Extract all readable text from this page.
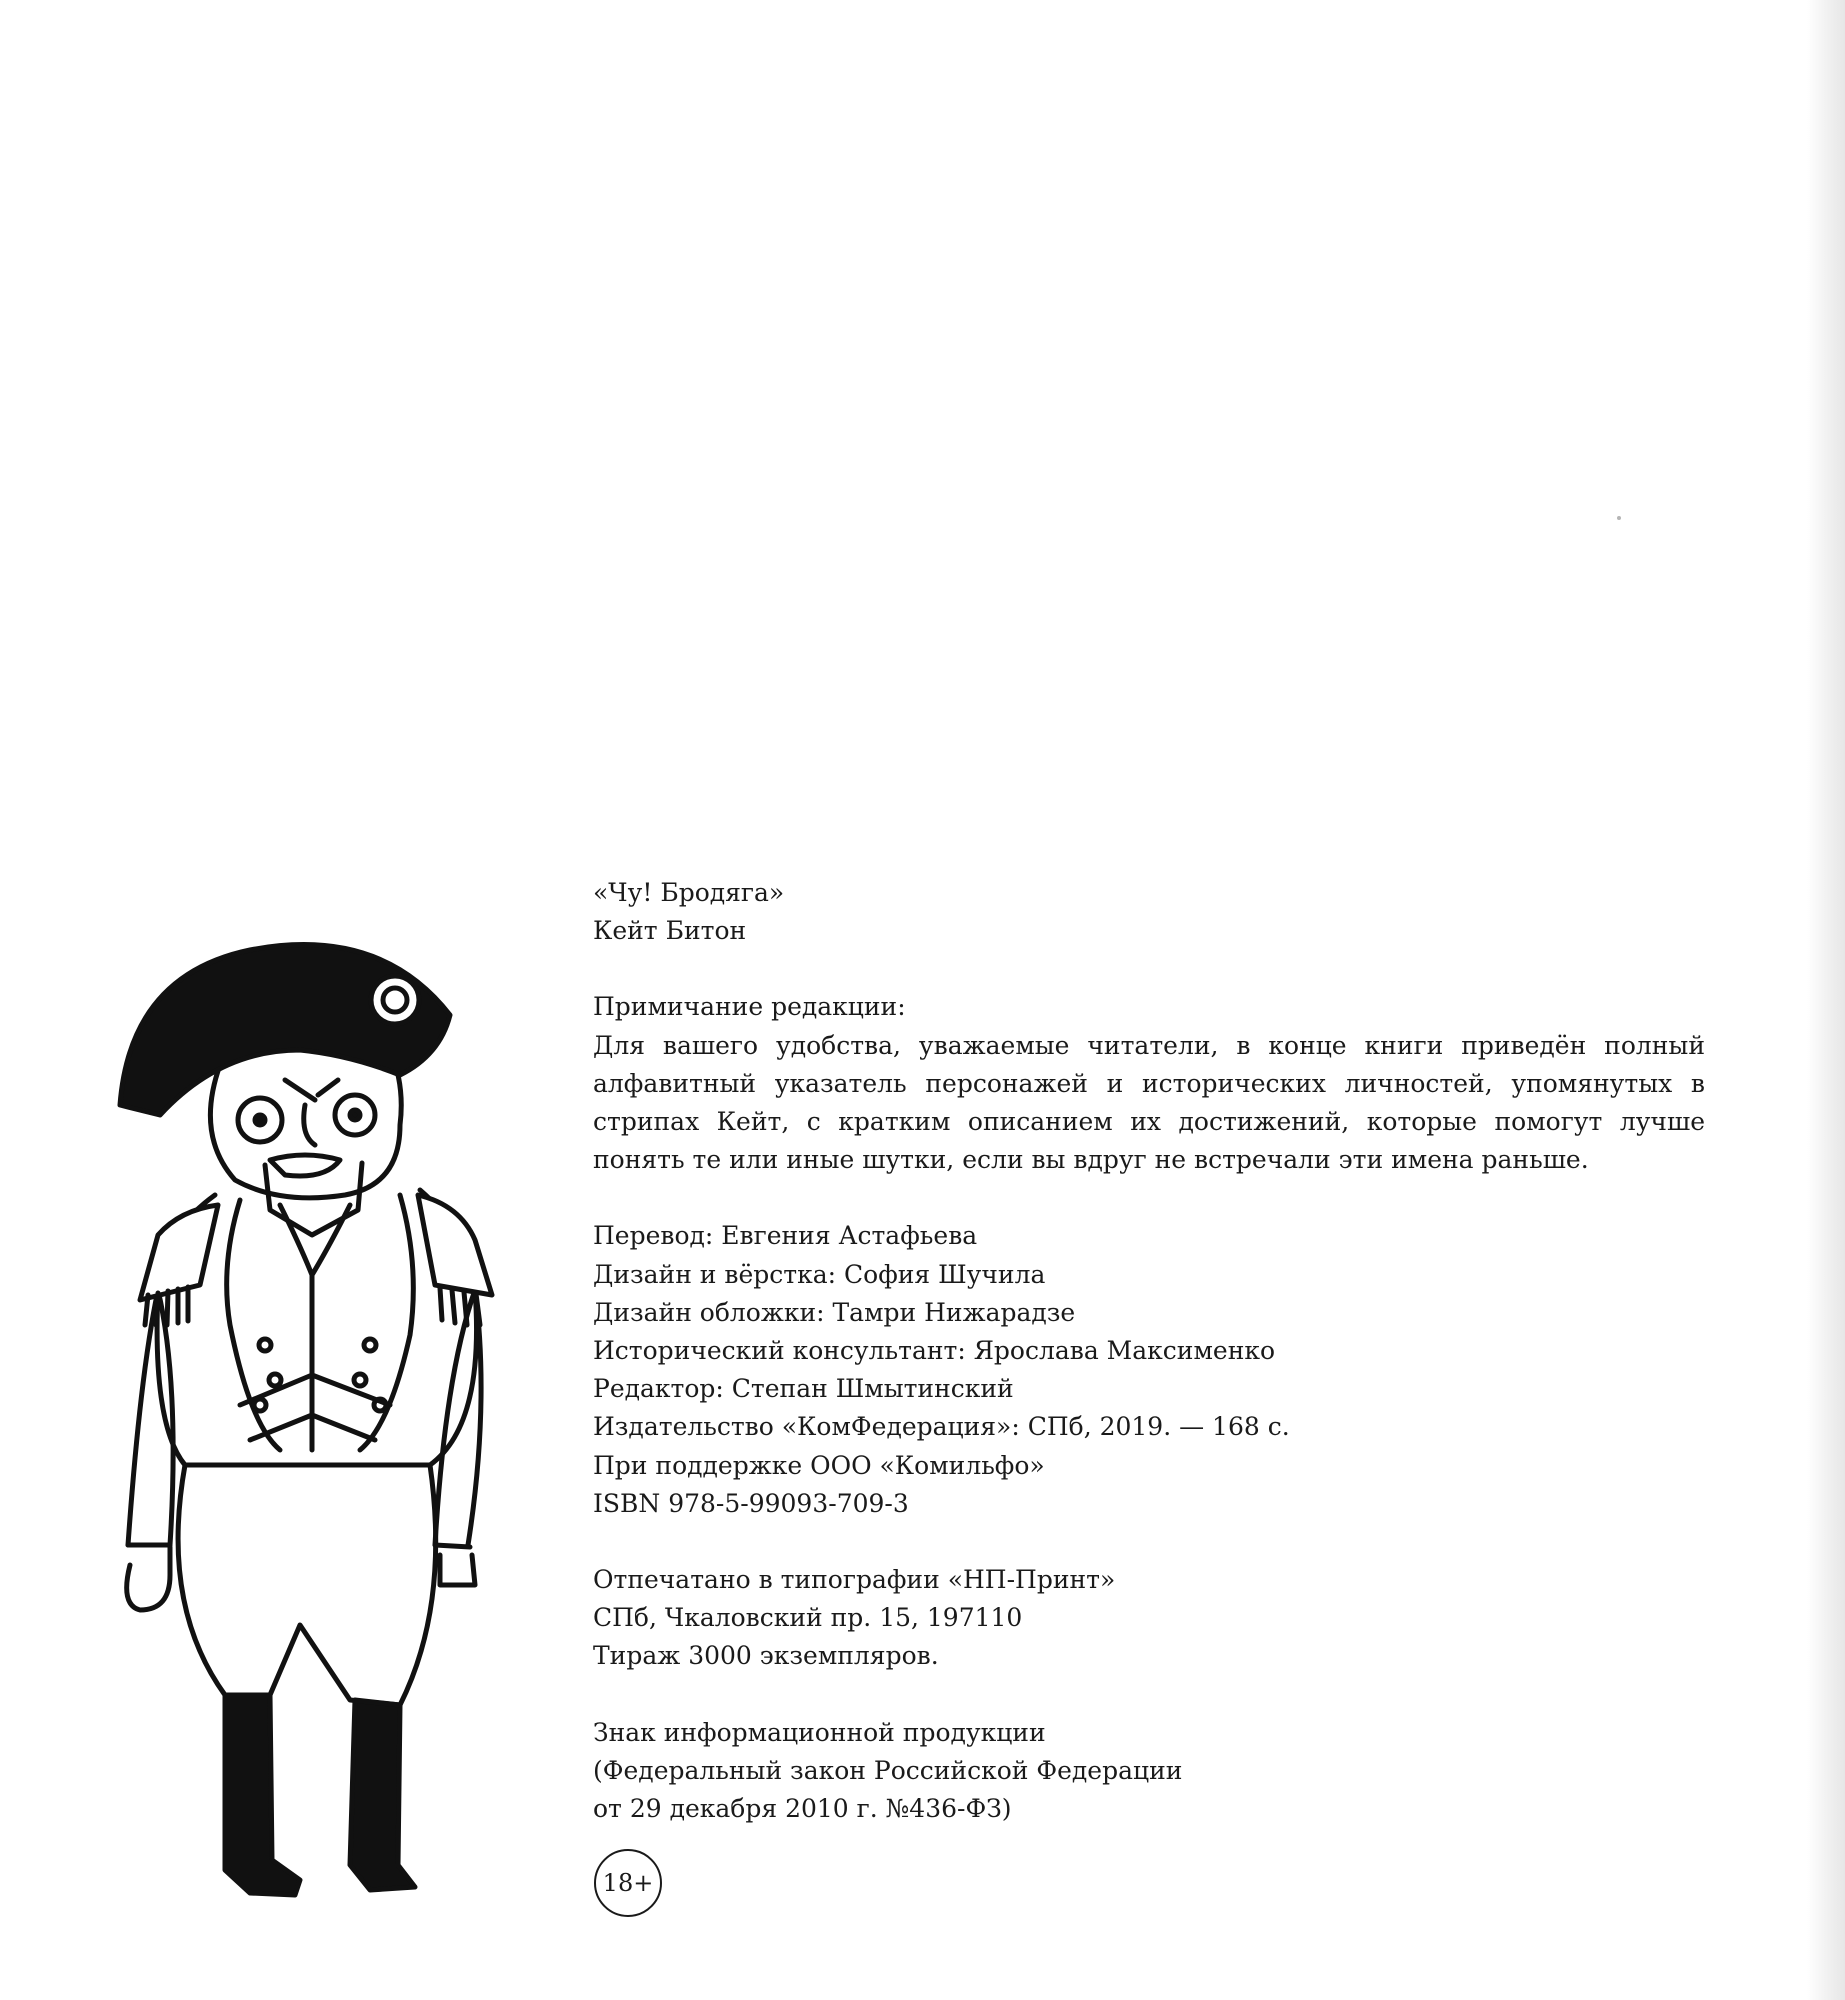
«Чу! Бродяга»

Кейт Битон

Примичание редакции:

Для вашего удобства, уважаемые читатели, в конце книги приведён полный алфавитный указатель персонажей и исторических личностей, упомянутых в стрипах Кейт, с кратким описанием их достижений, которые помогут лучше понять те или иные шутки, если вы вдруг не встречали эти имена раньше.

Перевод: Евгения Астафьева

Дизайн и вёрстка: София Шучила

Дизайн обложки: Тамри Нижарадзе

Исторический консультант: Ярослава Максименко

Редактор: Степан Шмытинский

Издательство «КомФедерация»: СПб, 2019. — 168 с.

При поддержке ООО «Комильфо»

ISBN 978-5-99093-709-3

Отпечатано в типографии «НП-Принт»

СПб, Чкаловский пр. 15, 197110

Тираж 3000 экземпляров.

Знак информационной продукции

(Федеральный закон Российской Федерации

от 29 декабря 2010 г. №436-ФЗ)

18+
